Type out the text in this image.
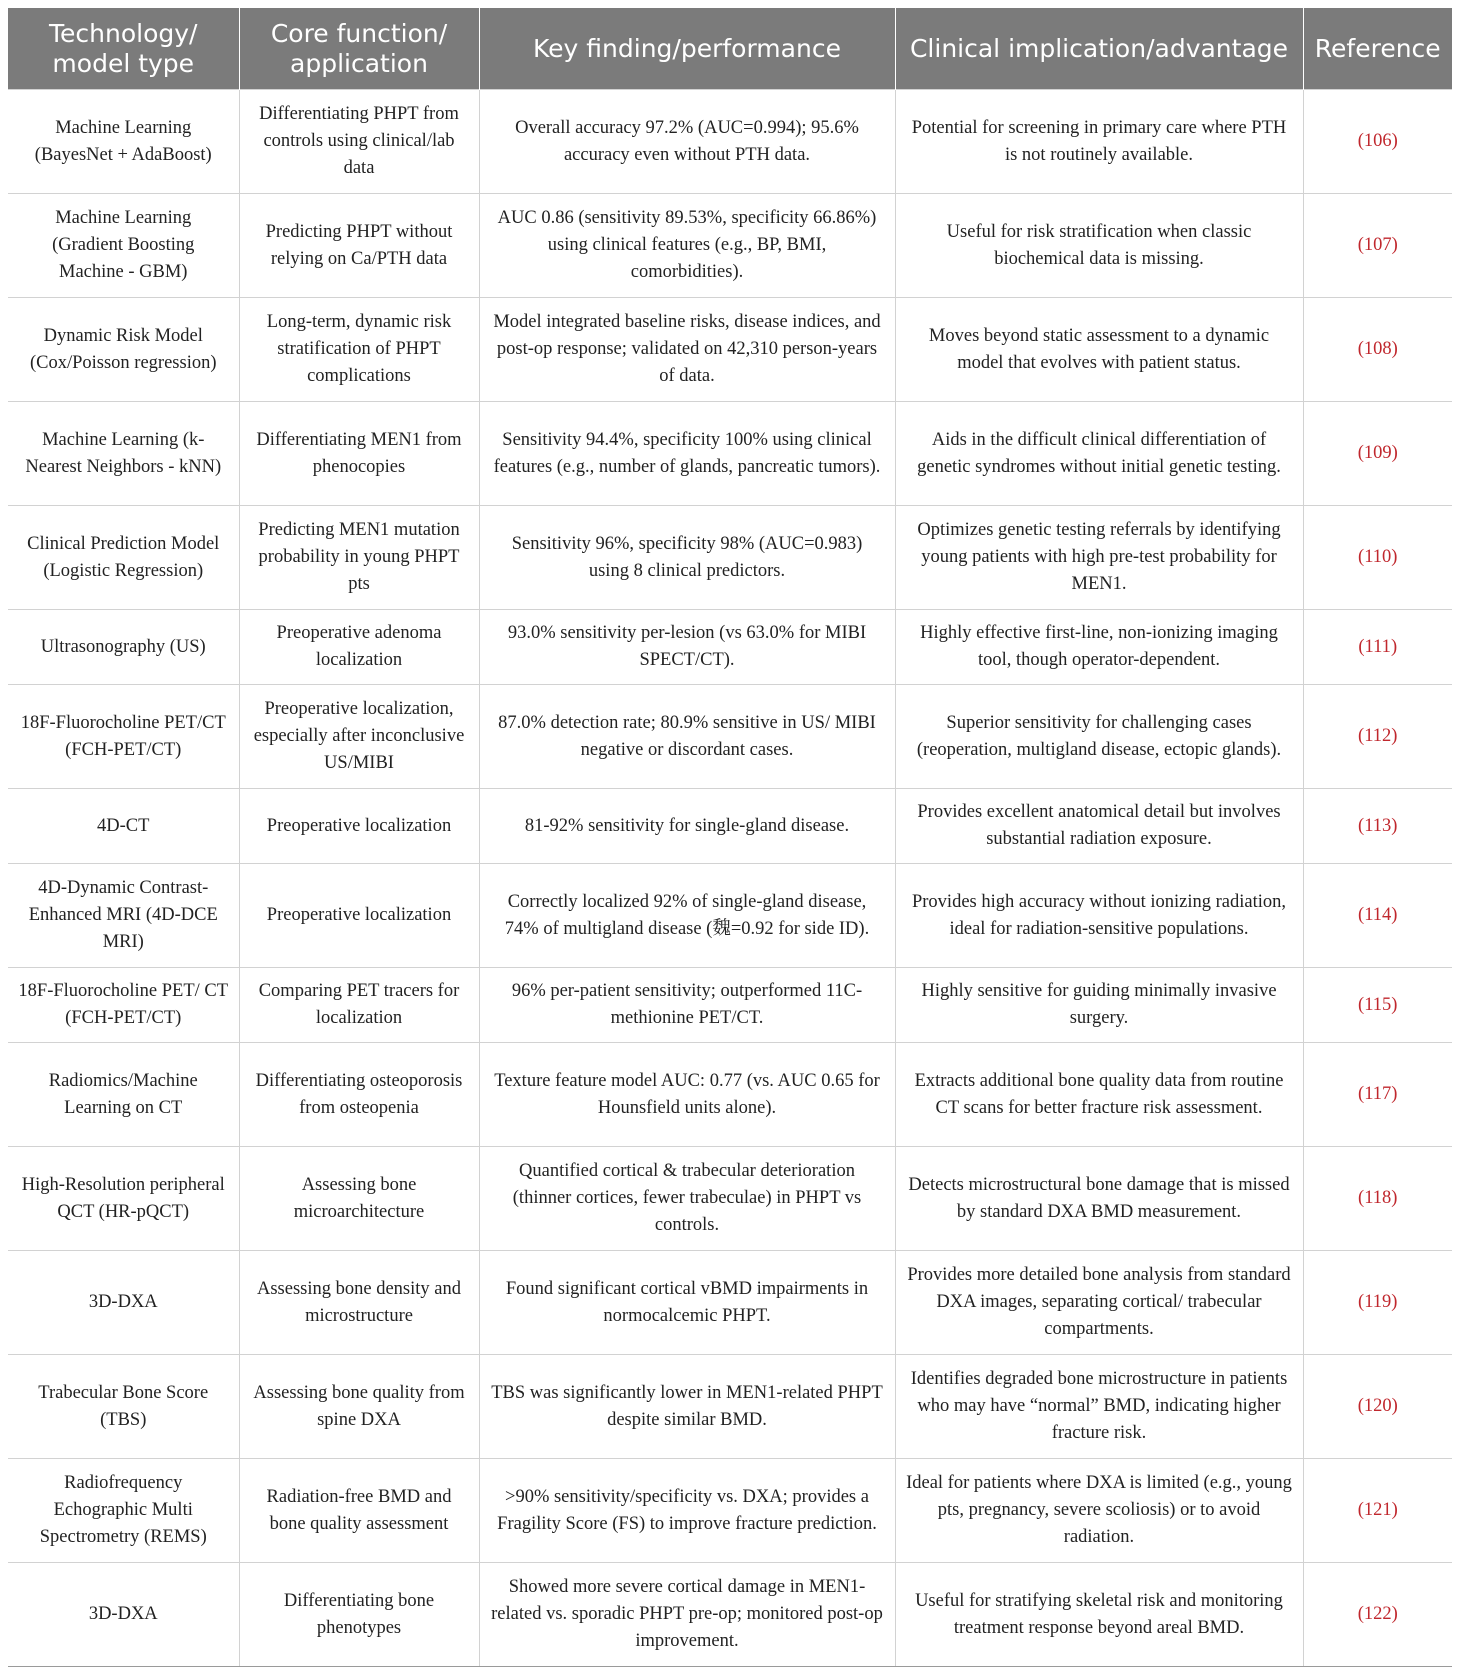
Technology/ model type	Core function/ application	Key finding/performance	Clinical implication/advantage	Reference
Machine Learning (BayesNet + AdaBoost)	Differentiating PHPT from controls using clinical/lab data	Overall accuracy 97.2% (AUC=0.994); 95.6% accuracy even without PTH data.	Potential for screening in primary care where PTH is not routinely available.	(106)
Machine Learning (Gradient Boosting Machine - GBM)	Predicting PHPT without relying on Ca/PTH data	AUC 0.86 (sensitivity 89.53%, specificity 66.86%) using clinical features (e.g., BP, BMI, comorbidities).	Useful for risk stratification when classic biochemical data is missing.	(107)
Dynamic Risk Model (Cox/Poisson regression)	Long-term, dynamic risk stratification of PHPT complications	Model integrated baseline risks, disease indices, and post-op response; validated on 42,310 person-years of data.	Moves beyond static assessment to a dynamic model that evolves with patient status.	(108)
Machine Learning (k-Nearest Neighbors - kNN)	Differentiating MEN1 from phenocopies	Sensitivity 94.4%, specificity 100% using clinical features (e.g., number of glands, pancreatic tumors).	Aids in the difficult clinical differentiation of genetic syndromes without initial genetic testing.	(109)
Clinical Prediction Model (Logistic Regression)	Predicting MEN1 mutation probability in young PHPT pts	Sensitivity 96%, specificity 98% (AUC=0.983) using 8 clinical predictors.	Optimizes genetic testing referrals by identifying young patients with high pre-test probability for MEN1.	(110)
Ultrasonography (US)	Preoperative adenoma localization	93.0% sensitivity per-lesion (vs 63.0% for MIBI SPECT/CT).	Highly effective first-line, non-ionizing imaging tool, though operator-dependent.	(111)
18F-Fluorocholine PET/CT (FCH-PET/CT)	Preoperative localization, especially after inconclusive US/MIBI	87.0% detection rate; 80.9% sensitive in US/ MIBI negative or discordant cases.	Superior sensitivity for challenging cases (reoperation, multigland disease, ectopic glands).	(112)
4D-CT	Preoperative localization	81-92% sensitivity for single-gland disease.	Provides excellent anatomical detail but involves substantial radiation exposure.	(113)
4D-Dynamic Contrast-Enhanced MRI (4D-DCE MRI)	Preoperative localization	Correctly localized 92% of single-gland disease, 74% of multigland disease (魏=0.92 for side ID).	Provides high accuracy without ionizing radiation, ideal for radiation-sensitive populations.	(114)
18F-Fluorocholine PET/ CT (FCH-PET/CT)	Comparing PET tracers for localization	96% per-patient sensitivity; outperformed 11C-methionine PET/CT.	Highly sensitive for guiding minimally invasive surgery.	(115)
Radiomics/Machine Learning on CT	Differentiating osteoporosis from osteopenia	Texture feature model AUC: 0.77 (vs. AUC 0.65 for Hounsfield units alone).	Extracts additional bone quality data from routine CT scans for better fracture risk assessment.	(117)
High-Resolution peripheral QCT (HR-pQCT)	Assessing bone microarchitecture	Quantified cortical & trabecular deterioration (thinner cortices, fewer trabeculae) in PHPT vs controls.	Detects microstructural bone damage that is missed by standard DXA BMD measurement.	(118)
3D-DXA	Assessing bone density and microstructure	Found significant cortical vBMD impairments in normocalcemic PHPT.	Provides more detailed bone analysis from standard DXA images, separating cortical/ trabecular compartments.	(119)
Trabecular Bone Score (TBS)	Assessing bone quality from spine DXA	TBS was significantly lower in MEN1-related PHPT despite similar BMD.	Identifies degraded bone microstructure in patients who may have “normal” BMD, indicating higher fracture risk.	(120)
Radiofrequency Echographic Multi Spectrometry (REMS)	Radiation-free BMD and bone quality assessment	>90% sensitivity/specificity vs. DXA; provides a Fragility Score (FS) to improve fracture prediction.	Ideal for patients where DXA is limited (e.g., young pts, pregnancy, severe scoliosis) or to avoid radiation.	(121)
3D-DXA	Differentiating bone phenotypes	Showed more severe cortical damage in MEN1-related vs. sporadic PHPT pre-op; monitored post-op improvement.	Useful for stratifying skeletal risk and monitoring treatment response beyond areal BMD.	(122)
